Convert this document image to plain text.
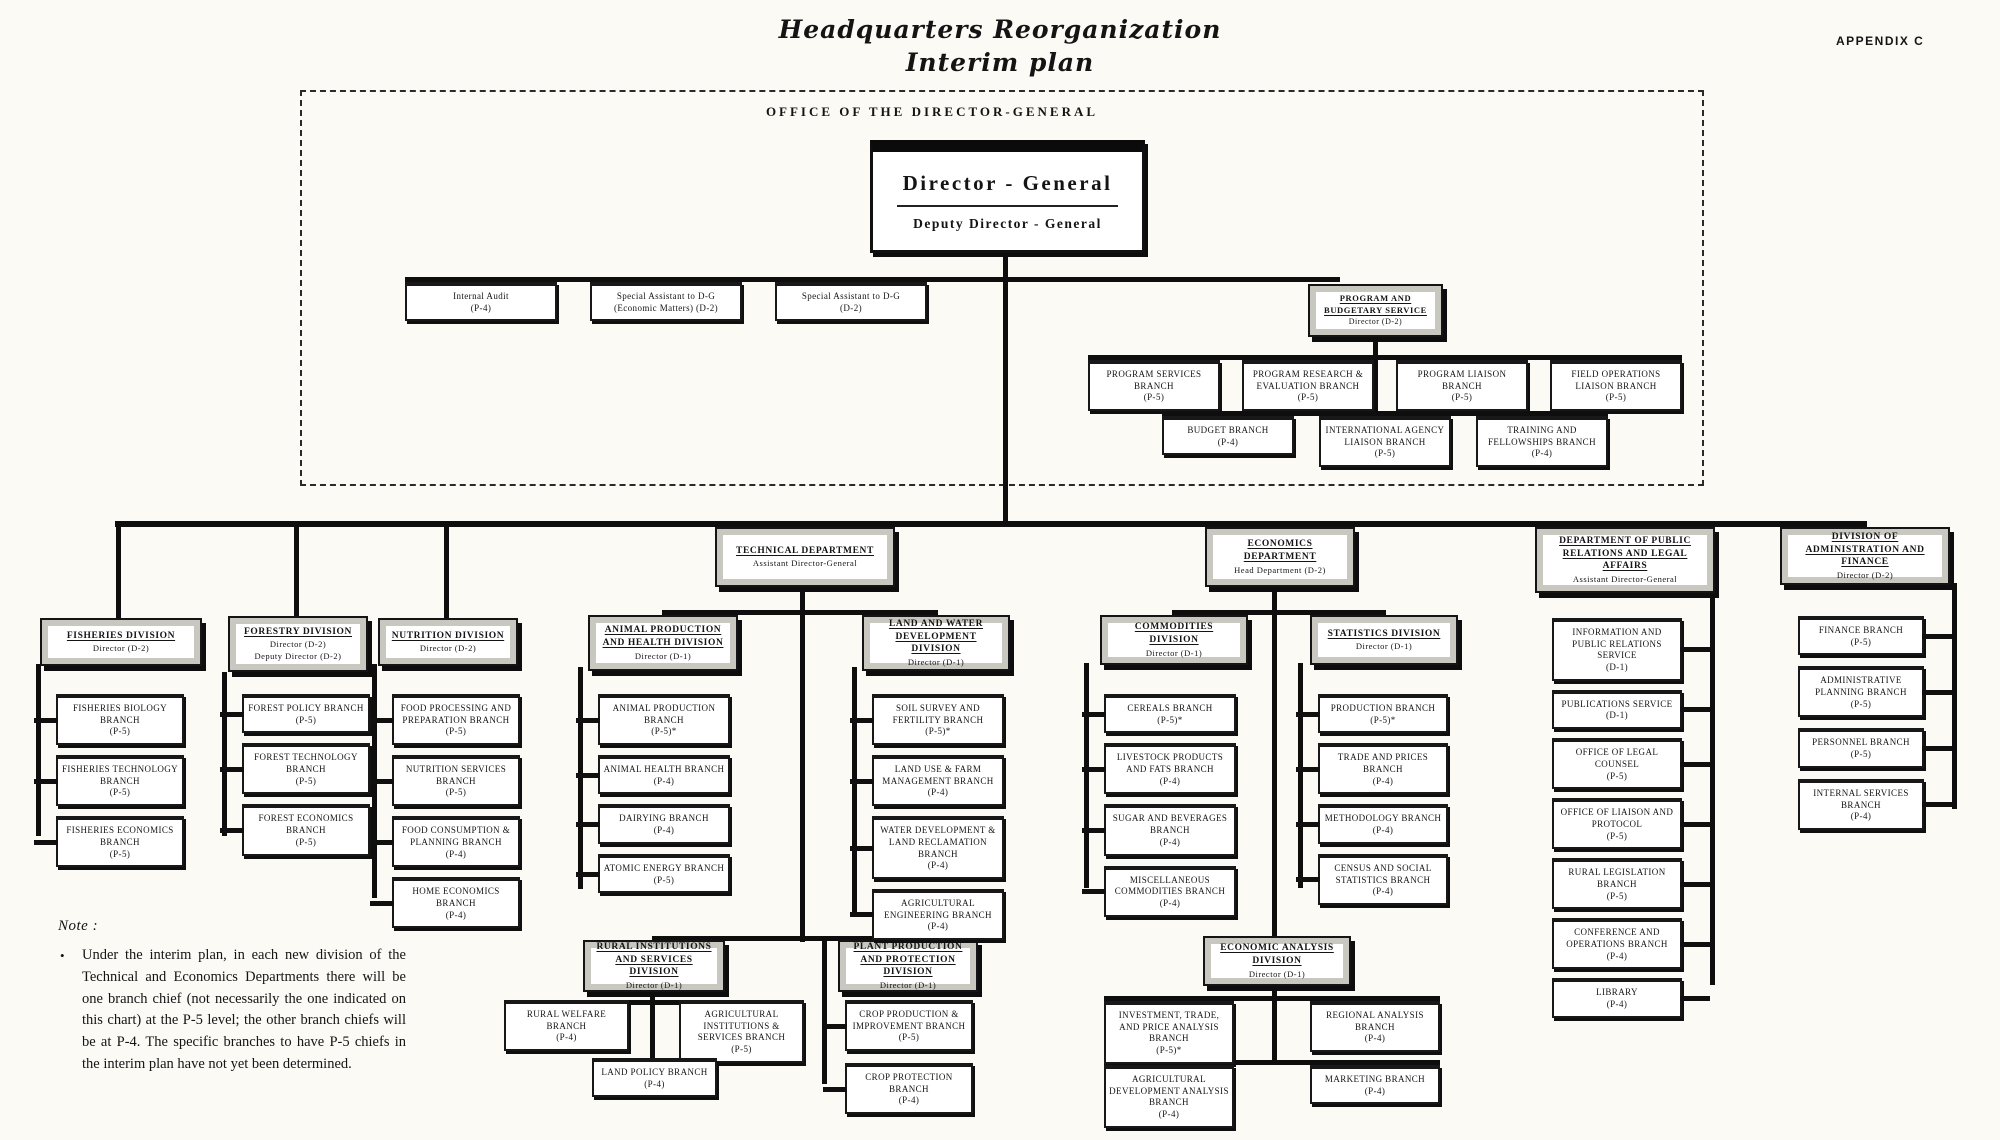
Headquarters Reorganization
Interim plan
APPENDIX C
OFFICE OF THE DIRECTOR-GENERAL
Director - General
Deputy Director - General
Internal Audit
(P-4)
Special Assistant to D-G
(Economic Matters) (D-2)
Special Assistant to D-G
(D-2)
PROGRAM AND BUDGETARY SERVICE
Director (D-2)
PROGRAM SERVICES BRANCH
(P-5)
PROGRAM RESEARCH & EVALUATION BRANCH
(P-5)
PROGRAM LIAISON BRANCH
(P-5)
FIELD OPERATIONS LIAISON BRANCH
(P-5)
BUDGET BRANCH
(P-4)
INTERNATIONAL AGENCY LIAISON BRANCH
(P-5)
TRAINING AND FELLOWSHIPS BRANCH
(P-4)
TECHNICAL DEPARTMENT
Assistant Director-General
ECONOMICS DEPARTMENT
Head Department (D-2)
DEPARTMENT OF PUBLIC RELATIONS AND LEGAL AFFAIRS
Assistant Director-General
DIVISION OF ADMINISTRATION AND FINANCE
Director (D-2)
FISHERIES DIVISION
Director (D-2)
FORESTRY DIVISION
Director (D-2)
Deputy Director (D-2)
NUTRITION DIVISION
Director (D-2)
ANIMAL PRODUCTION AND HEALTH DIVISION
Director (D-1)
LAND AND WATER DEVELOPMENT DIVISION
Director (D-1)
COMMODITIES DIVISION
Director (D-1)
STATISTICS DIVISION
Director (D-1)
RURAL INSTITUTIONS AND SERVICES DIVISION
Director (D-1)
PLANT PRODUCTION AND PROTECTION DIVISION
Director (D-1)
ECONOMIC ANALYSIS DIVISION
Director (D-1)
FISHERIES BIOLOGY BRANCH
(P-5)
FISHERIES TECHNOLOGY BRANCH
(P-5)
FISHERIES ECONOMICS BRANCH
(P-5)
FOREST POLICY BRANCH
(P-5)
FOREST TECHNOLOGY BRANCH
(P-5)
FOREST ECONOMICS BRANCH
(P-5)
FOOD PROCESSING AND PREPARATION BRANCH
(P-5)
NUTRITION SERVICES BRANCH
(P-5)
FOOD CONSUMPTION & PLANNING BRANCH
(P-4)
HOME ECONOMICS BRANCH
(P-4)
ANIMAL PRODUCTION BRANCH
(P-5)*
ANIMAL HEALTH BRANCH
(P-4)
DAIRYING BRANCH
(P-4)
ATOMIC ENERGY BRANCH
(P-5)
SOIL SURVEY AND FERTILITY BRANCH
(P-5)*
LAND USE & FARM MANAGEMENT BRANCH
(P-4)
WATER DEVELOPMENT & LAND RECLAMATION BRANCH
(P-4)
AGRICULTURAL ENGINEERING BRANCH
(P-4)
CEREALS BRANCH
(P-5)*
LIVESTOCK PRODUCTS AND FATS BRANCH
(P-4)
SUGAR AND BEVERAGES BRANCH
(P-4)
MISCELLANEOUS COMMODITIES BRANCH
(P-4)
PRODUCTION BRANCH
(P-5)*
TRADE AND PRICES BRANCH
(P-4)
METHODOLOGY BRANCH
(P-4)
CENSUS AND SOCIAL STATISTICS BRANCH
(P-4)
INFORMATION AND PUBLIC RELATIONS SERVICE
(D-1)
PUBLICATIONS SERVICE
(D-1)
OFFICE OF LEGAL COUNSEL
(P-5)
OFFICE OF LIAISON AND PROTOCOL
(P-5)
RURAL LEGISLATION BRANCH
(P-5)
CONFERENCE AND OPERATIONS BRANCH
(P-4)
LIBRARY
(P-4)
FINANCE BRANCH
(P-5)
ADMINISTRATIVE PLANNING BRANCH
(P-5)
PERSONNEL BRANCH
(P-5)
INTERNAL SERVICES BRANCH
(P-4)
RURAL WELFARE BRANCH
(P-4)
AGRICULTURAL INSTITUTIONS & SERVICES BRANCH
(P-5)
LAND POLICY BRANCH
(P-4)
CROP PRODUCTION & IMPROVEMENT BRANCH
(P-5)
CROP PROTECTION BRANCH
(P-4)
INVESTMENT, TRADE, AND PRICE ANALYSIS BRANCH
(P-5)*
REGIONAL ANALYSIS BRANCH
(P-4)
AGRICULTURAL DEVELOPMENT ANALYSIS BRANCH
(P-4)
MARKETING BRANCH
(P-4)
Note :
• Under the interim plan, in each new division of the Technical and Economics Departments there will be one branch chief (not necessarily the one indicated on this chart) at the P-5 level; the other branch chiefs will be at P-4. The specific branches to have P-5 chiefs in the interim plan have not yet been determined.
